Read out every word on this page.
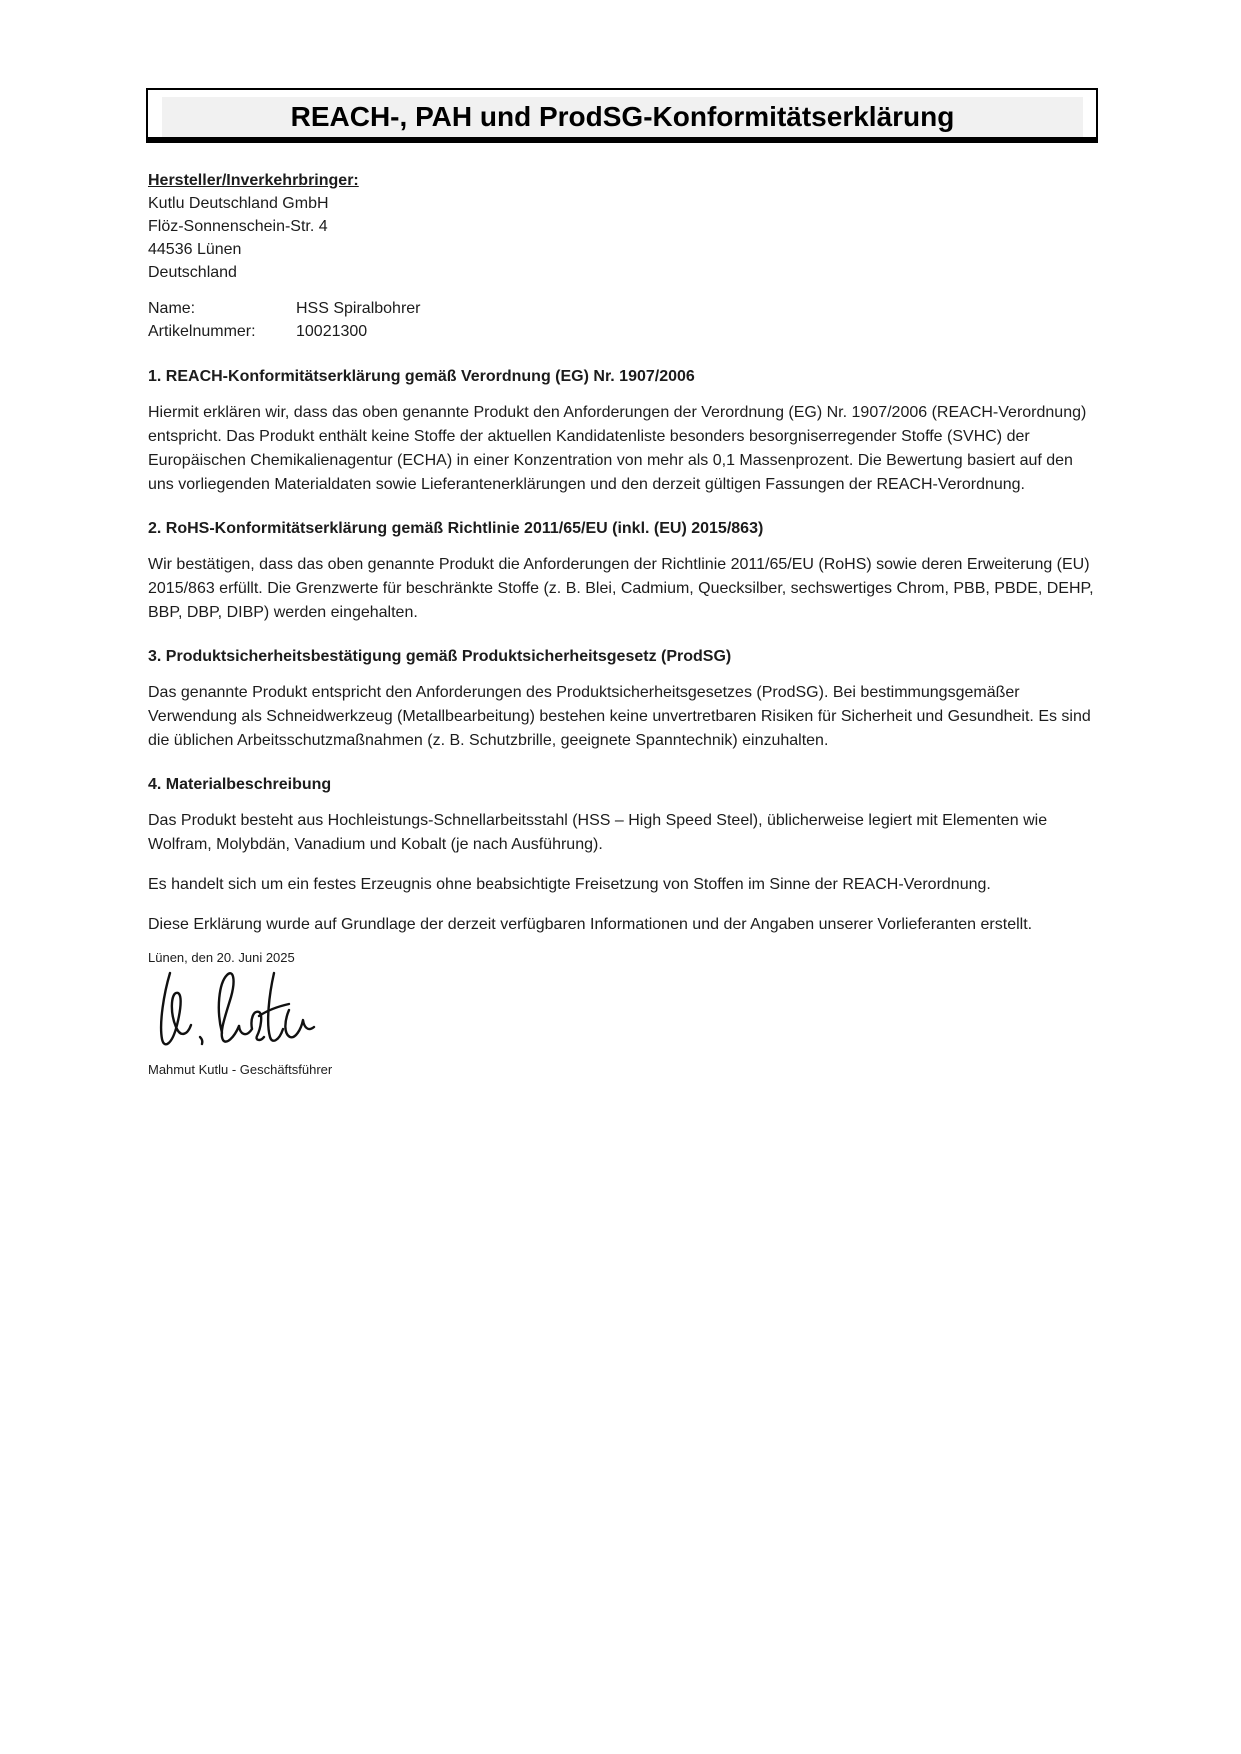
REACH-, PAH und ProdSG-Konformitätserklärung

Hersteller/Inverkehrbringer:

Kutlu Deutschland GmbH

Flöz-Sonnenschein-Str. 4

44536 Lünen

Deutschland

Name:	HSS Spiralbohrer
Artikelnummer:	10021300
1. REACH-Konformitätserklärung gemäß Verordnung (EG) Nr. 1907/2006

Hiermit erklären wir, dass das oben genannte Produkt den Anforderungen der Verordnung (EG) Nr. 1907/2006 (REACH-Verordnung) entspricht. Das Produkt enthält keine Stoffe der aktuellen Kandidatenliste besonders besorgniserregender Stoffe (SVHC) der Europäischen Chemikalienagentur (ECHA) in einer Konzentration von mehr als 0,1 Massenprozent. Die Bewertung basiert auf den uns vorliegenden Materialdaten sowie Lieferantenerklärungen und den derzeit gültigen Fassungen der REACH-Verordnung.

2. RoHS-Konformitätserklärung gemäß Richtlinie 2011/65/EU (inkl. (EU) 2015/863)

Wir bestätigen, dass das oben genannte Produkt die Anforderungen der Richtlinie 2011/65/EU (RoHS) sowie deren Erweiterung (EU) 2015/863 erfüllt. Die Grenzwerte für beschränkte Stoffe (z. B. Blei, Cadmium, Quecksilber, sechswertiges Chrom, PBB, PBDE, DEHP, BBP, DBP, DIBP) werden eingehalten.

3. Produktsicherheitsbestätigung gemäß Produktsicherheitsgesetz (ProdSG)

Das genannte Produkt entspricht den Anforderungen des Produktsicherheitsgesetzes (ProdSG). Bei bestimmungsgemäßer Verwendung als Schneidwerkzeug (Metallbearbeitung) bestehen keine unvertretbaren Risiken für Sicherheit und Gesundheit. Es sind die üblichen Arbeitsschutzmaßnahmen (z. B. Schutzbrille, geeignete Spanntechnik) einzuhalten.

4. Materialbeschreibung

Das Produkt besteht aus Hochleistungs-Schnellarbeitsstahl (HSS – High Speed Steel), üblicherweise legiert mit Elementen wie Wolfram, Molybdän, Vanadium und Kobalt (je nach Ausführung).

Es handelt sich um ein festes Erzeugnis ohne beabsichtigte Freisetzung von Stoffen im Sinne der REACH-Verordnung.

Diese Erklärung wurde auf Grundlage der derzeit verfügbaren Informationen und der Angaben unserer Vorlieferanten erstellt.

Lünen, den 20. Juni 2025

Mahmut Kutlu - Geschäftsführer
